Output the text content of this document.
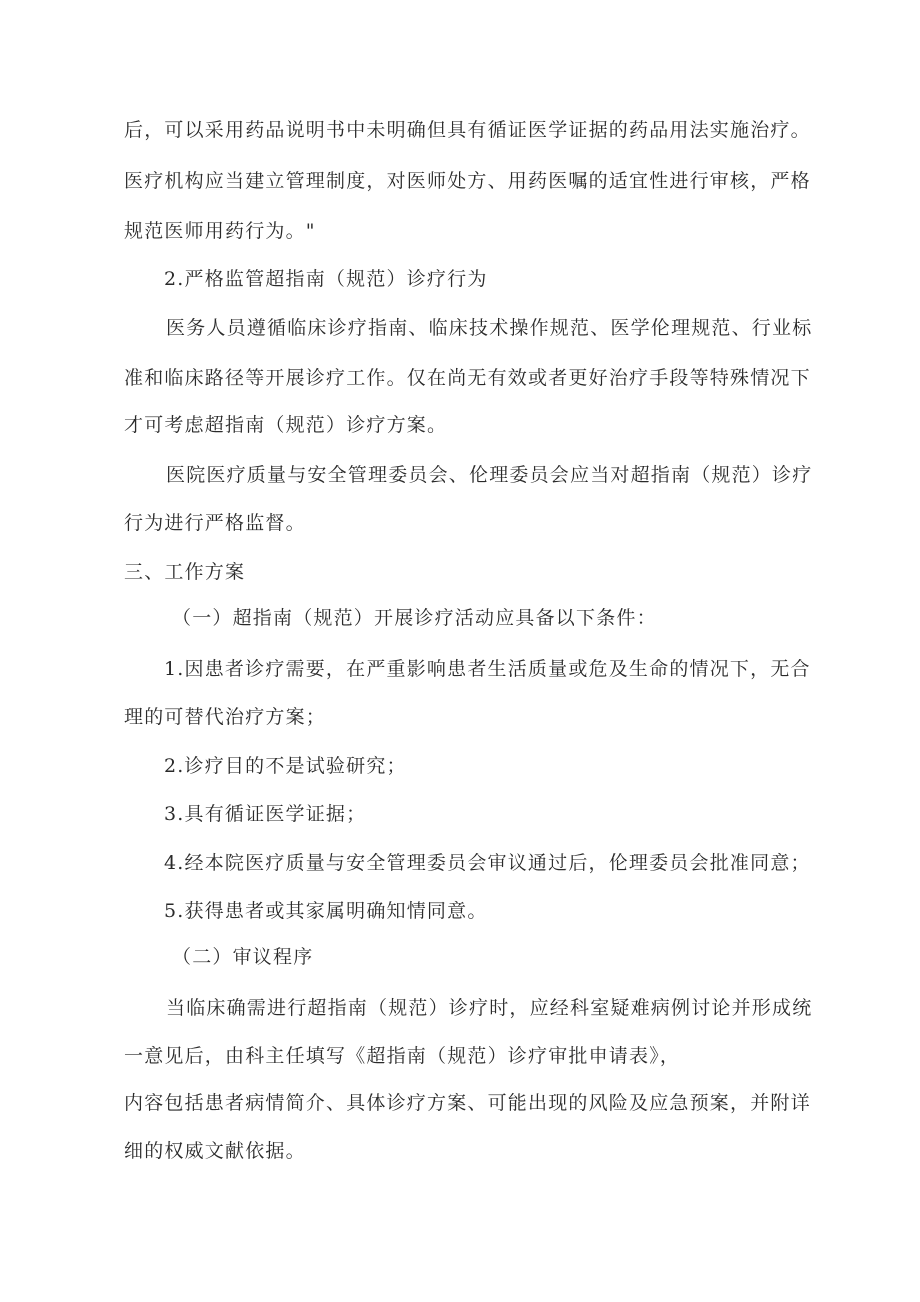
后，可以采用药品说明书中未明确但具有循证医学证据的药品用法实施治疗。
医疗机构应当建立管理制度，对医师处方、用药医嘱的适宜性进行审核，严格
规范医师用药行为。"
2.严格监管超指南（规范）诊疗行为
医务人员遵循临床诊疗指南、临床技术操作规范、医学伦理规范、行业标
准和临床路径等开展诊疗工作。仅在尚无有效或者更好治疗手段等特殊情况下
才可考虑超指南（规范）诊疗方案。
医院医疗质量与安全管理委员会、伦理委员会应当对超指南（规范）诊疗
行为进行严格监督。
三、工作方案
（一）超指南（规范）开展诊疗活动应具备以下条件：
1.因患者诊疗需要，在严重影响患者生活质量或危及生命的情况下，无合
理的可替代治疗方案；
2.诊疗目的不是试验研究；
3.具有循证医学证据；
4.经本院医疗质量与安全管理委员会审议通过后，伦理委员会批准同意；
5.获得患者或其家属明确知情同意。
（二）审议程序
当临床确需进行超指南（规范）诊疗时，应经科室疑难病例讨论并形成统
一意见后，由科主任填写《超指南（规范）诊疗审批申请表》，
内容包括患者病情简介、具体诊疗方案、可能出现的风险及应急预案，并附详
细的权威文献依据。
